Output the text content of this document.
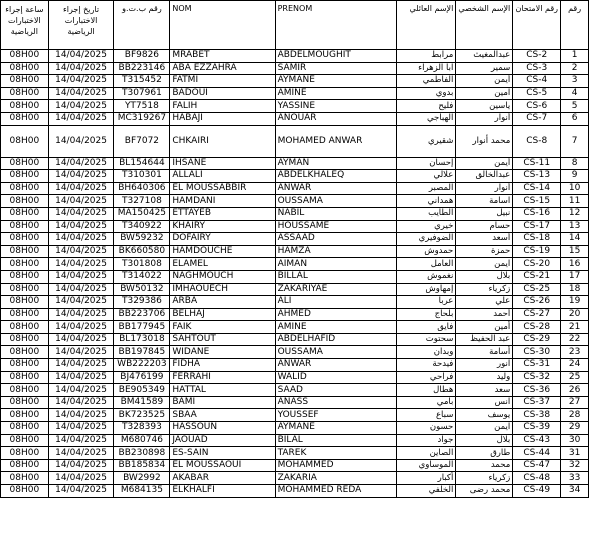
ساعة إجراء الاختبارات الرياضية	تاريخ إجراء الاختبارات الرياضية	رقم ب.ت.و	NOM	PRENOM	الإسم العائلي	الإسم الشخصي	رقم الامتحان	رقم
08H00	14/04/2025	BF9826	MRABET	ABDELMOUGHIT	مرابط	عبدالمغيث	CS-2	1
08H00	14/04/2025	BB223146	ABA EZZAHRA	SAMIR	ابا الزهراء	سمير	CS-3	2
08H00	14/04/2025	T315452	FATMI	AYMANE	الفاطمي	أيمن	CS-4	3
08H00	14/04/2025	T307961	BADOUI	AMINE	بدوي	امين	CS-5	4
08H00	14/04/2025	YT7518	FALIH	YASSINE	فليح	ياسين	CS-6	5
08H00	14/04/2025	MC319267	HABAJI	ANOUAR	الهباجي	أنوار	CS-7	6
08H00	14/04/2025	BF7072	CHKAIRI	MOHAMED ANWAR	شقيري	محمد أنوار	CS-8	7
08H00	14/04/2025	BL154644	IHSANE	AYMAN	إحسان	أيمن	CS-11	8
08H00	14/04/2025	T310301	ALLALI	ABDELKHALEQ	علالي	عبدالخالق	CS-13	9
08H00	14/04/2025	BH640306	EL MOUSSABBIR	ANWAR	المصبر	أنوار	CS-14	10
08H00	14/04/2025	T327108	HAMDANI	OUSSAMA	همداني	اسامة	CS-15	11
08H00	14/04/2025	MA150425	ETTAYEB	NABIL	الطايب	نبيل	CS-16	12
08H00	14/04/2025	T340922	KHAIRY	HOUSSAME	خيري	حسام	CS-17	13
08H00	14/04/2025	BW59232	DOFAIRY	ASSAAD	الضوفيري	أسعد	CS-18	14
08H00	14/04/2025	BK660580	HAMDOUCHE	HAMZA	حمدوش	حمزة	CS-19	15
08H00	14/04/2025	T301808	ELAMEL	AIMAN	العامل	ايمن	CS-20	16
08H00	14/04/2025	T314022	NAGHMOUCH	BILLAL	نغموش	بلال	CS-21	17
08H00	14/04/2025	BW50132	IMHAOUECH	ZAKARIYAE	إمهاوش	زكرياء	CS-25	18
08H00	14/04/2025	T329386	ARBA	ALI	عربا	علي	CS-26	19
08H00	14/04/2025	BB223706	BELHAJ	AHMED	بلحاج	أحمد	CS-27	20
08H00	14/04/2025	BB177945	FAIK	AMINE	فايق	أمين	CS-28	21
08H00	14/04/2025	BL173018	SAHTOUT	ABDELHAFID	سحتوت	عبد الحفيظ	CS-29	22
08H00	14/04/2025	BB197845	WIDANE	OUSSAMA	وبدان	أسامة	CS-30	23
08H00	14/04/2025	WB222203	FIDHA	ANWAR	فيدحة	انور	CS-31	24
08H00	14/04/2025	BJ476199	FERRAHI	WALID	فراحي	وليد	CS-32	25
08H00	14/04/2025	BE905349	HATTAL	SAAD	هطال	سعد	CS-36	26
08H00	14/04/2025	BM41589	BAMI	ANASS	بامي	انس	CS-37	27
08H00	14/04/2025	BK723525	SBAA	YOUSSEF	سباع	يوسف	CS-38	28
08H00	14/04/2025	T328393	HASSOUN	AYMANE	حسون	ايمن	CS-39	29
08H00	14/04/2025	M680746	JAOUAD	BILAL	جواد	بلال	CS-43	30
08H00	14/04/2025	BB230898	ES-SAIN	TAREK	الصاين	طارق	CS-44	31
08H00	14/04/2025	BB185834	EL MOUSSAOUI	MOHAMMED	الموساوي	محمد	CS-47	32
08H00	14/04/2025	BW2992	AKABAR	ZAKARIA	أكبار	زكرياء	CS-48	33
08H00	14/04/2025	M684135	ELKHALFI	MOHAMMED REDA	الخلفي	محمد رضى	CS-49	34
